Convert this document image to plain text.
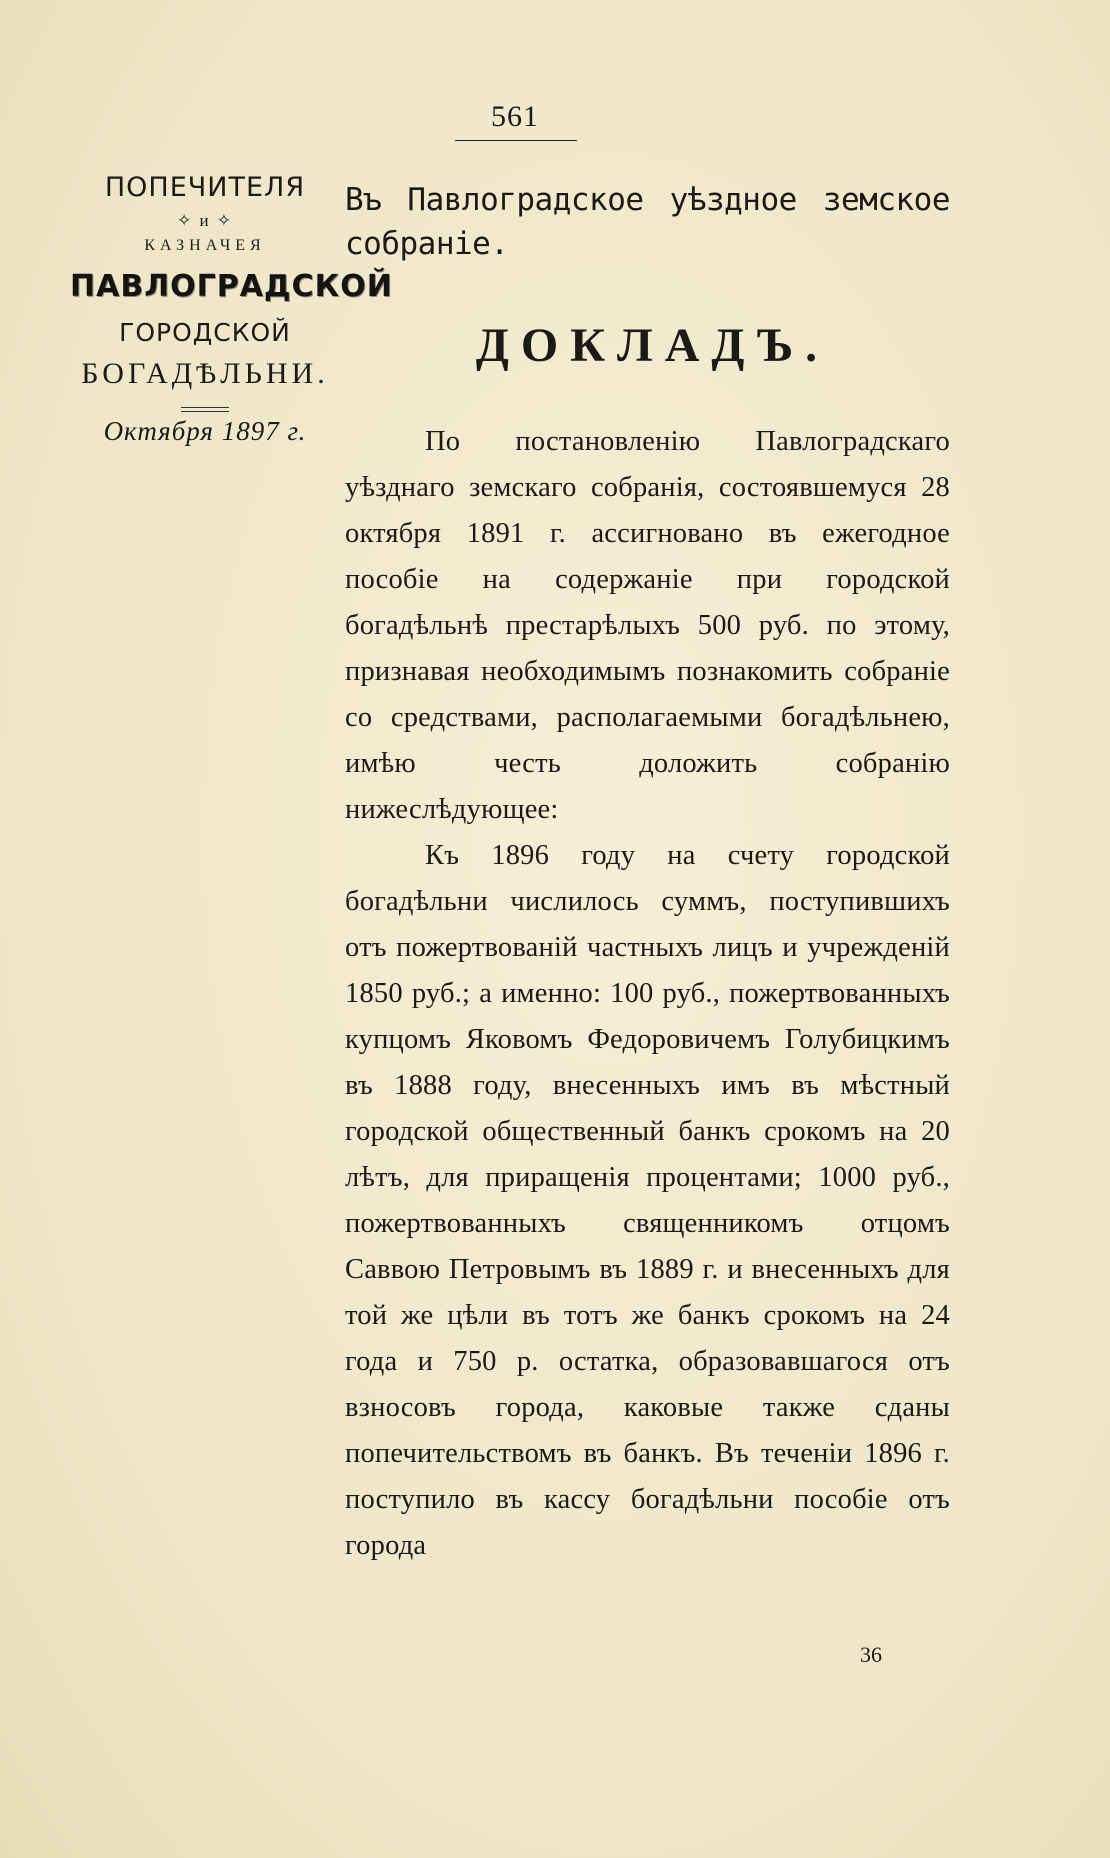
561
ПОПЕЧИТЕЛЯ
✧ и ✧
КАЗНАЧЕЯ
ПАВЛОГРАДСКОЙ
ГОРОДСКОЙ
БОГАДѢЛЬНИ.
Октября 1897 г.
Въ Павлоградское уѣздное земское собраніе.
ДОКЛАДЪ.

По постановленію Павлоградскаго уѣзднаго земскаго собранія, состоявшемуся 28 октября 1891 г. ассигновано въ ежегодное пособіе на содержаніе при городской богадѣльнѣ престарѣлыхъ 500 руб. по этому, признавая необходимымъ познакомить собраніе со средствами, располагаемыми богадѣльнею, имѣю честь доложить собранію нижеслѣдующее:

Къ 1896 году на счету городской богадѣльни числилось суммъ, поступившихъ отъ пожертвованій частныхъ лицъ и учрежденій 1850 руб.; а именно: 100 руб., пожертвованныхъ купцомъ Яковомъ Федоровичемъ Голубицкимъ въ 1888 году, внесенныхъ имъ въ мѣстный городской общественный банкъ срокомъ на 20 лѣтъ, для приращенія процентами; 1000 руб., пожертвованныхъ священникомъ отцомъ Саввою Петровымъ въ 1889 г. и внесенныхъ для той же цѣли въ тотъ же банкъ срокомъ на 24 года и 750 р. остатка, образовавшагося отъ взносовъ города, каковые также сданы попечительствомъ въ банкъ. Въ теченіи 1896 г. поступило въ кассу богадѣльни пособіе отъ города

36
